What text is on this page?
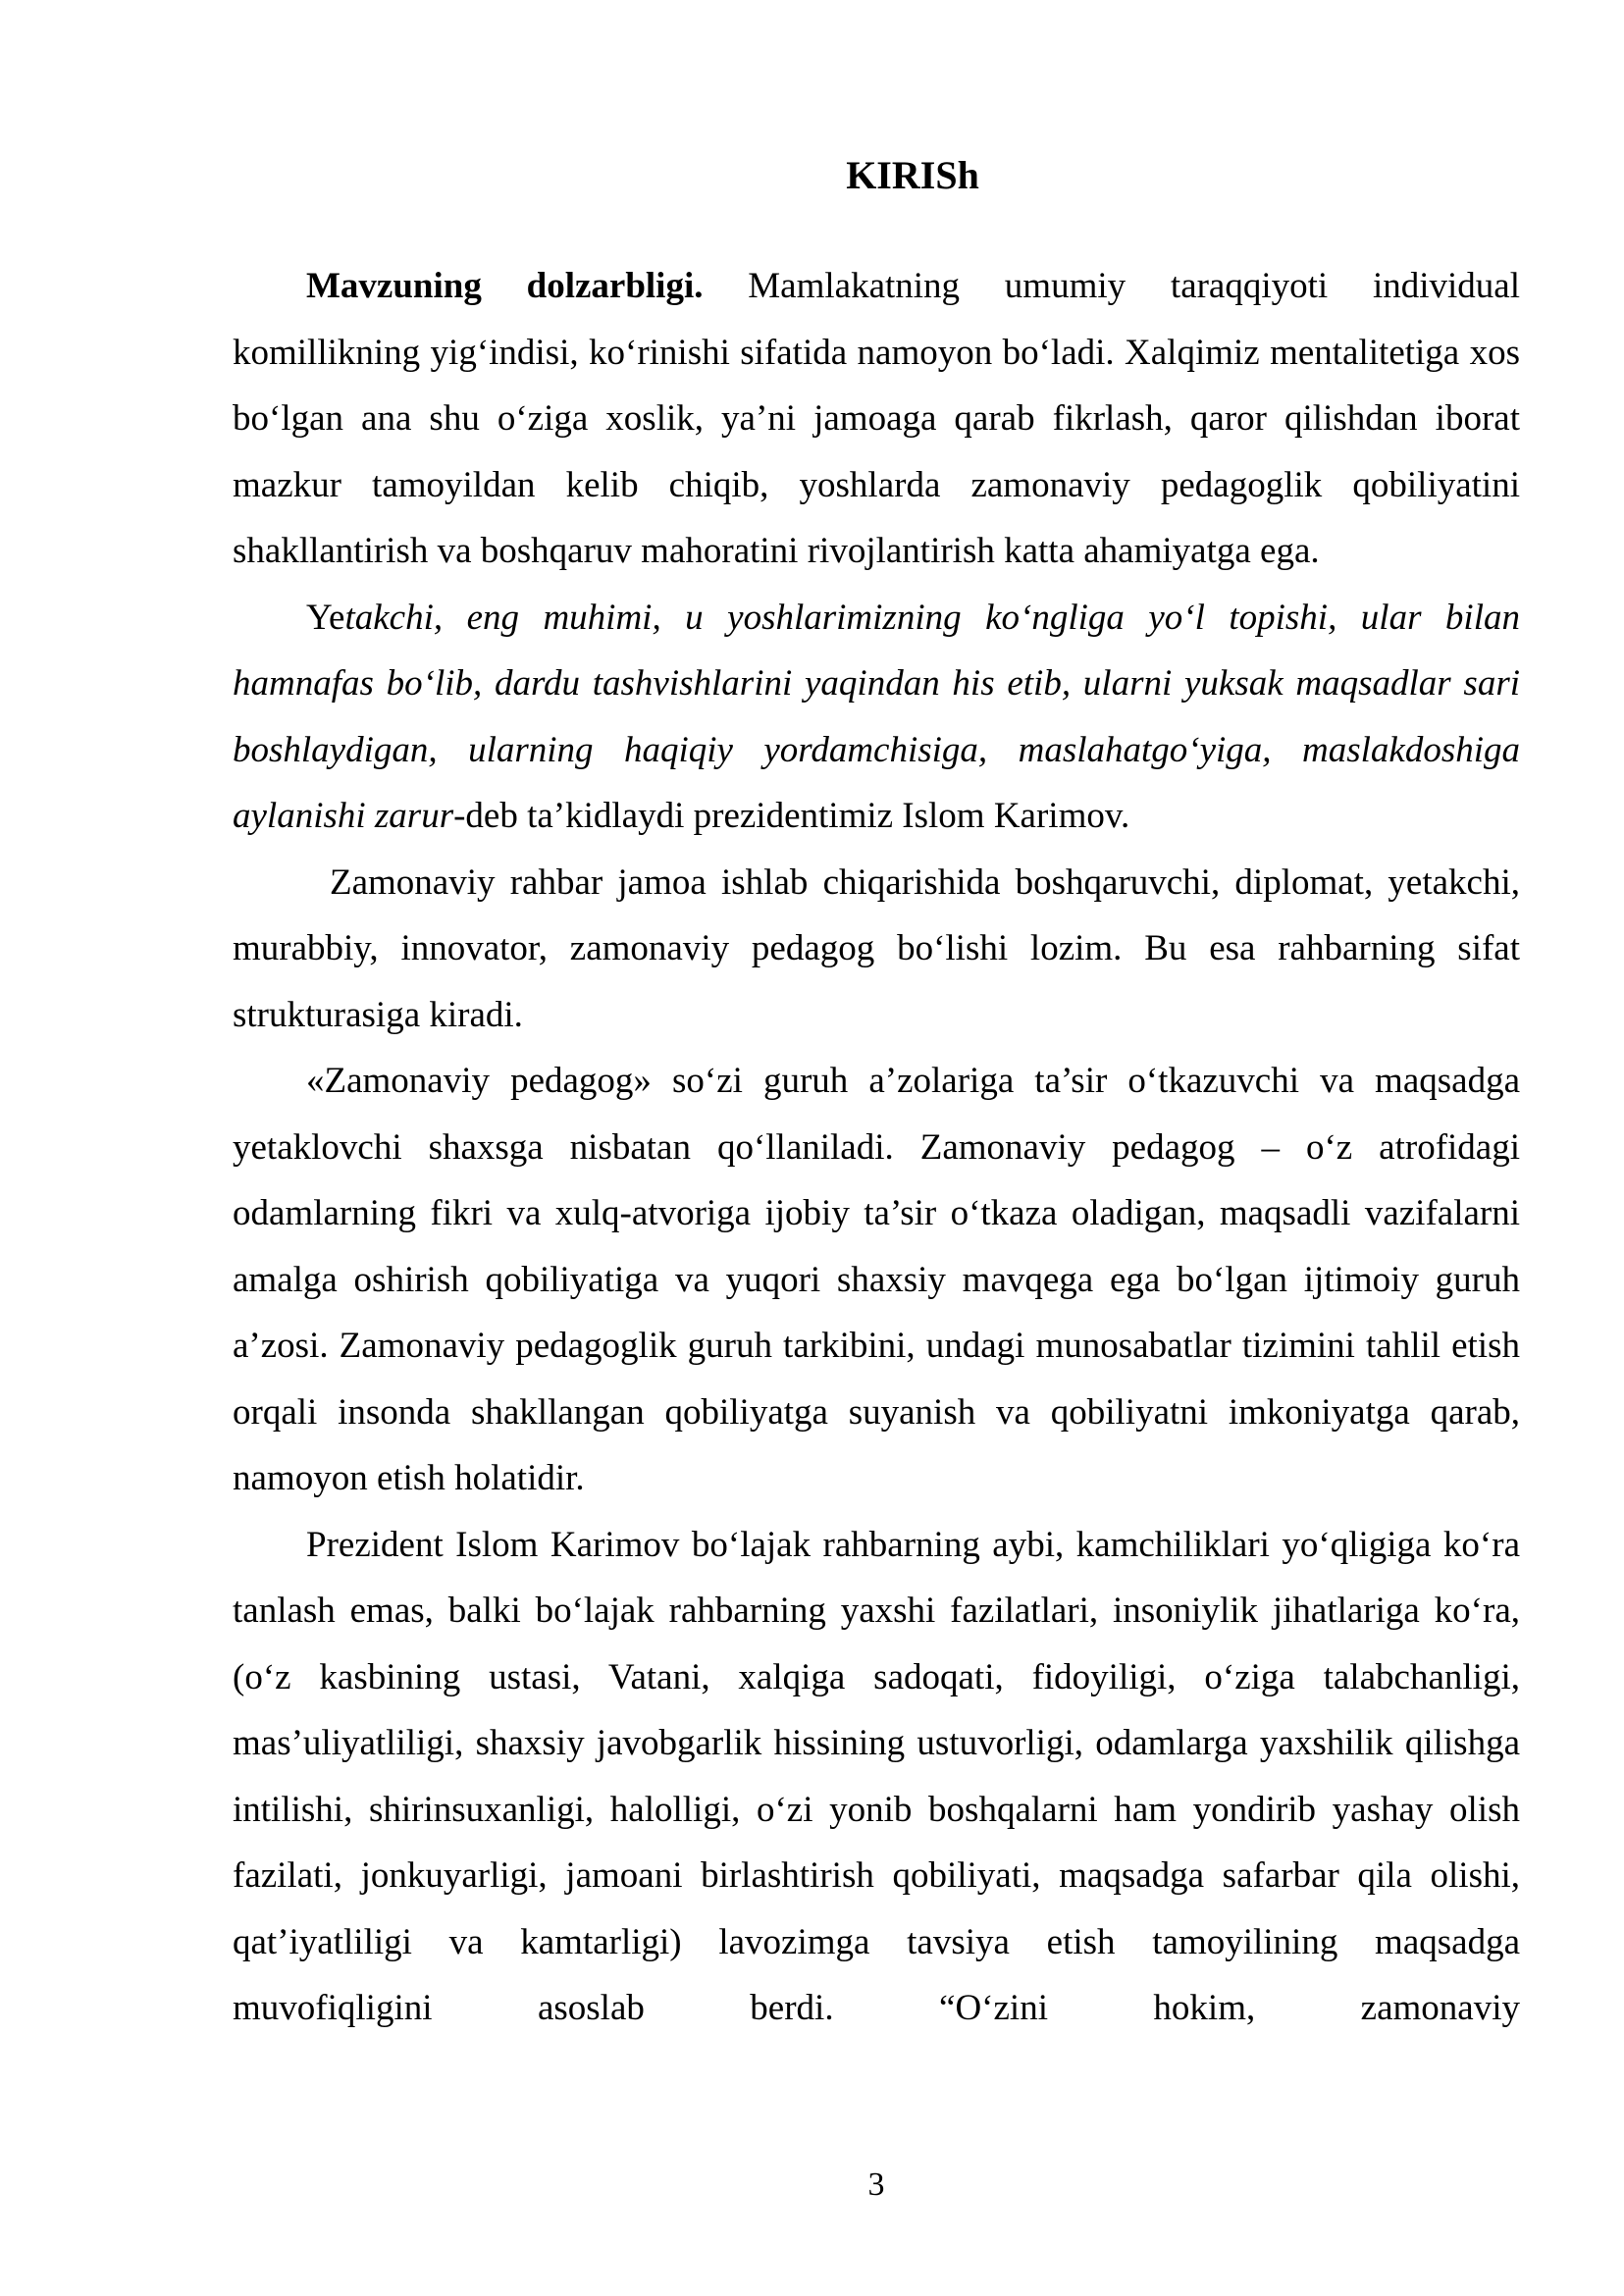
KIRISh

Mavzuning dolzarbligi. Mamlakatning umumiy taraqqiyoti individual komillikning yig‘indisi, ko‘rinishi sifatida namoyon bo‘ladi. Xalqimiz mentalitetiga xos bo‘lgan ana shu o‘ziga xoslik, ya’ni jamoaga qarab fikrlash, qaror qilishdan iborat mazkur tamoyildan kelib chiqib, yoshlarda zamonaviy pedagoglik qobiliyatini shakllantirish va boshqaruv mahoratini rivojlantirish katta ahamiyatga ega.

Yetakchi, eng muhimi, u yoshlarimizning ko‘ngliga yo‘l topishi, ular bilan hamnafas bo‘lib, dardu tashvishlarini yaqindan his etib, ularni yuksak maqsadlar sari boshlaydigan, ularning haqiqiy yordamchisiga, maslahatgo‘yiga, maslakdoshiga aylanishi zarur-deb ta’kidlaydi prezidentimiz Islom Karimov.

Zamonaviy rahbar jamoa ishlab chiqarishida boshqaruvchi, diplomat, yetakchi, murabbiy, innovator, zamonaviy pedagog bo‘lishi lozim. Bu esa rahbarning sifat strukturasiga kiradi.

«Zamonaviy pedagog» so‘zi guruh a’zolariga ta’sir o‘tkazuvchi va maqsadga yetaklovchi shaxsga nisbatan qo‘llaniladi. Zamonaviy pedagog – o‘z atrofidagi odamlarning fikri va xulq-atvoriga ijobiy ta’sir o‘tkaza oladigan, maqsadli vazifalarni amalga oshirish qobiliyatiga va yuqori shaxsiy mavqega ega bo‘lgan ijtimoiy guruh a’zosi. Zamonaviy pedagoglik guruh tarkibini, undagi munosabatlar tizimini tahlil etish orqali insonda shakllangan qobiliyatga suyanish va qobiliyatni imkoniyatga qarab, namoyon etish holatidir.

Prezident Islom Karimov bo‘lajak rahbarning aybi, kamchiliklari yo‘qligiga ko‘ra tanlash emas, balki bo‘lajak rahbarning yaxshi fazilatlari, insoniylik jihatlariga ko‘ra, (o‘z kasbining ustasi, Vatani, xalqiga sadoqati, fidoyiligi, o‘ziga talabchanligi, mas’uliyatliligi, shaxsiy javobgarlik hissining ustuvorligi, odamlarga yaxshilik qilishga intilishi, shirinsuxanligi, halolligi, o‘zi yonib boshqalarni ham yondirib yashay olish fazilati, jonkuyarligi, jamoani birlashtirish qobiliyati, maqsadga safarbar qila olishi, qat’iyatliligi va kamtarligi) lavozimga tavsiya etish tamoyilining maqsadga muvofiqligini asoslab berdi. “O‘zini hokim, zamonaviy

3
